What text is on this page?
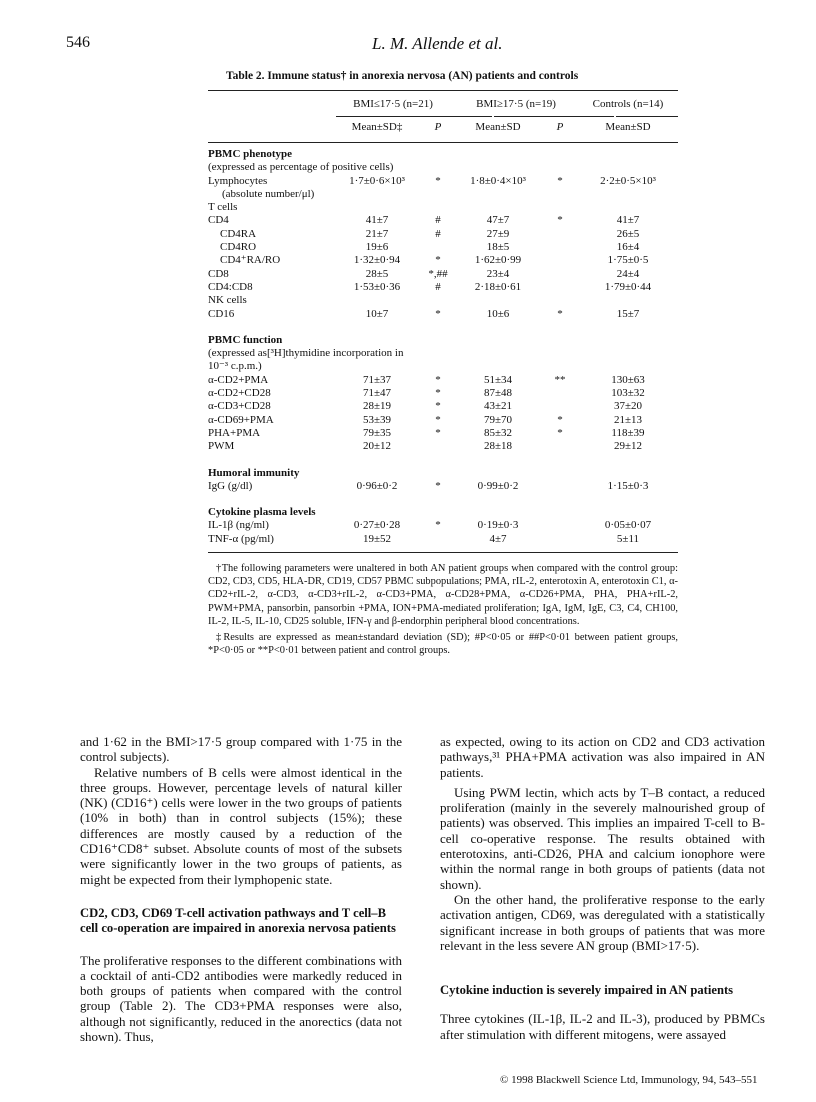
546	L. M. Allende et al.
Table 2. Immune status† in anorexia nervosa (AN) patients and controls
	BMI≤17·5 (n=21)		BMI≥17·5 (n=19)		Controls (n=14)
	Mean±SD‡	P	Mean±SD	P	Mean±SD
PBMC phenotype					
(expressed as percentage of positive cells)					
Lymphocytes	1·7±0·6×10³	*	1·8±0·4×10³	*	2·2±0·5×10³
(absolute number/μl)					
T cells					
CD4	41±7	#	47±7	*	41±7
CD4RA	21±7	#	27±9		26±5
CD4RO	19±6		18±5		16±4
CD4⁺RA/RO	1·32±0·94	*	1·62±0·99		1·75±0·5
CD8	28±5	*,##	23±4		24±4
CD4:CD8	1·53±0·36	#	2·18±0·61		1·79±0·44
NK cells					
CD16	10±7	*	10±6	*	15±7
PBMC function					
(expressed as[³H]thymidine incorporation in					
10⁻³ c.p.m.)					
α-CD2+PMA	71±37	*	51±34	**	130±63
α-CD2+CD28	71±47	*	87±48		103±32
α-CD3+CD28	28±19	*	43±21		37±20
α-CD69+PMA	53±39	*	79±70	*	21±13
PHA+PMA	79±35	*	85±32	*	118±39
PWM	20±12		28±18		29±12
Humoral immunity					
IgG (g/dl)	0·96±0·2	*	0·99±0·2		1·15±0·3
Cytokine plasma levels					
IL-1β (ng/ml)	0·27±0·28	*	0·19±0·3		0·05±0·07
TNF-α (pg/ml)	19±52		4±7		5±11

†The following parameters were unaltered in both AN patient groups when compared with the control group: CD2, CD3, CD5, HLA-DR, CD19, CD57 PBMC subpopulations; PMA, rIL-2, enterotoxin A, enterotoxin C1, α-CD2+rIL-2, α-CD3, α-CD3+rIL-2, α-CD3+PMA, α-CD28+PMA, α-CD26+PMA, PHA, PHA+rIL-2, PWM+PMA, pansorbin, pansorbin +PMA, ION+PMA-mediated proliferation; IgA, IgM, IgE, C3, C4, CH100, IL-2, IL-5, IL-10, CD25 soluble, IFN-γ and β-endorphin peripheral blood concentrations.

‡Results are expressed as mean±standard deviation (SD); #P<0·05 or ##P<0·01 between patient groups, *P<0·05 or **P<0·01 between patient and control groups.

and 1·62 in the BMI>17·5 group compared with 1·75 in the control subjects).

Relative numbers of B cells were almost identical in the three groups. However, percentage levels of natural killer (NK) (CD16⁺) cells were lower in the two groups of patients (10% in both) than in control subjects (15%); these differences are mostly caused by a reduction of the CD16⁺CD8⁺ subset. Absolute counts of most of the subsets were significantly lower in the two groups of patients, as might be expected from their lymphopenic state.

CD2, CD3, CD69 T-cell activation pathways and T cell–B cell co-operation are impaired in anorexia nervosa patients

The proliferative responses to the different combinations with a cocktail of anti-CD2 antibodies were markedly reduced in both groups of patients when compared with the control group (Table 2). The CD3+PMA responses were also, although not significantly, reduced in the anorectics (data not shown). Thus,

as expected, owing to its action on CD2 and CD3 activation pathways,³¹ PHA+PMA activation was also impaired in AN patients.

Using PWM lectin, which acts by T–B contact, a reduced proliferation (mainly in the severely malnourished group of patients) was observed. This implies an impaired T-cell to B-cell co-operative response. The results obtained with enterotoxins, anti-CD26, PHA and calcium ionophore were within the normal range in both groups of patients (data not shown).

On the other hand, the proliferative response to the early activation antigen, CD69, was deregulated with a statistically significant increase in both groups of patients that was more relevant in the less severe AN group (BMI>17·5).

Cytokine induction is severely impaired in AN patients

Three cytokines (IL-1β, IL-2 and IL-3), produced by PBMCs after stimulation with different mitogens, were assayed

© 1998 Blackwell Science Ltd, Immunology, 94, 543–551
